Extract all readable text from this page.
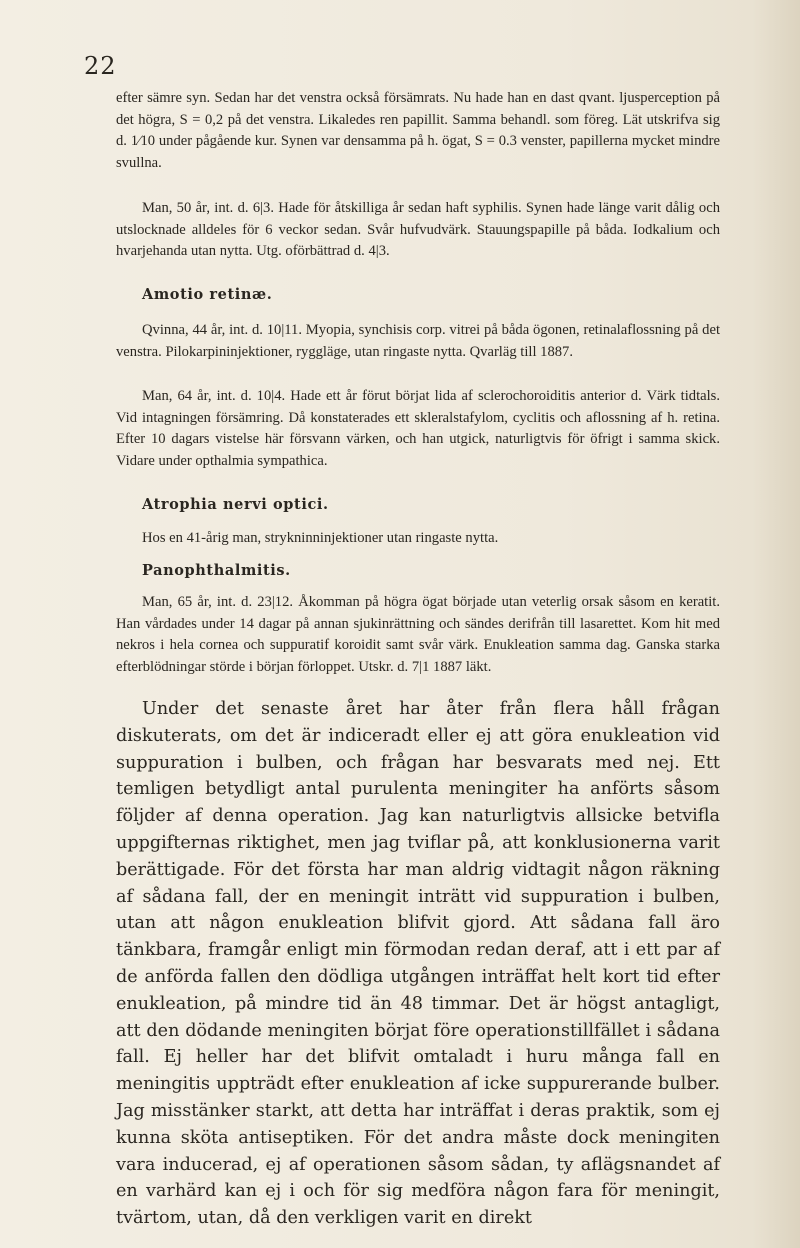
22

efter sämre syn. Sedan har det venstra också försämrats. Nu hade han en dast qvant. ljusperception på det högra, S = 0,2 på det venstra. Likaledes ren papillit. Samma behandl. som föreg. Lät utskrifva sig d. 1⁄10 under pågående kur. Synen var densamma på h. ögat, S = 0.3 venster, papillerna mycket mindre svullna.

Man, 50 år, int. d. 6|3. Hade för åtskilliga år sedan haft syphilis. Synen hade länge varit dålig och utslocknade alldeles för 6 veckor sedan. Svår hufvudvärk. Stauungspapille på båda. Iodkalium och hvarjehanda utan nytta. Utg. oförbättrad d. 4|3.

Amotio retinæ.

Qvinna, 44 år, int. d. 10|11. Myopia, synchisis corp. vitrei på båda ögonen, retinalaflossning på det venstra. Pilokarpininjektioner, ryggläge, utan ringaste nytta. Qvarläg till 1887.

Man, 64 år, int. d. 10|4. Hade ett år förut börjat lida af sclerochoroiditis anterior d. Värk tidtals. Vid intagningen försämring. Då konstaterades ett skleralstafylom, cyclitis och aflossning af h. retina. Efter 10 dagars vistelse här försvann värken, och han utgick, naturligtvis för öfrigt i samma skick. Vidare under opthalmia sympathica.

Atrophia nervi optici.

Hos en 41-årig man, strykninninjektioner utan ringaste nytta.

Panophthalmitis.

Man, 65 år, int. d. 23|12. Åkomman på högra ögat började utan veterlig orsak såsom en keratit. Han vårdades under 14 dagar på annan sjukinrättning och sändes derifrån till lasarettet. Kom hit med nekros i hela cornea och suppuratif koroidit samt svår värk. Enukleation samma dag. Ganska starka efterblödningar störde i början förloppet. Utskr. d. 7|1 1887 läkt.

Under det senaste året har åter från flera håll frågan diskuterats, om det är indiceradt eller ej att göra enukleation vid suppuration i bulben, och frågan har besvarats med nej. Ett temligen betydligt antal purulenta meningiter ha anförts såsom följder af denna operation. Jag kan naturligtvis allsicke betvifla uppgifternas riktighet, men jag tviflar på, att konklusionerna varit berättigade. För det första har man aldrig vidtagit någon räkning af sådana fall, der en meningit inträtt vid suppuration i bulben, utan att någon enukleation blifvit gjord. Att sådana fall äro tänkbara, framgår enligt min förmodan redan deraf, att i ett par af de anförda fallen den dödliga utgången inträffat helt kort tid efter enukleation, på mindre tid än 48 timmar. Det är högst antagligt, att den dödande meningiten börjat före operationstillfället i sådana fall. Ej heller har det blifvit omtaladt i huru många fall en meningitis uppträdt efter enukleation af icke suppurerande bulber. Jag misstänker starkt, att detta har inträffat i deras praktik, som ej kunna sköta antiseptiken. För det andra måste dock meningiten vara inducerad, ej af operationen såsom sådan, ty aflägsnandet af en varhärd kan ej i och för sig medföra någon fara för meningit, tvärtom, utan, då den verkligen varit en direkt
